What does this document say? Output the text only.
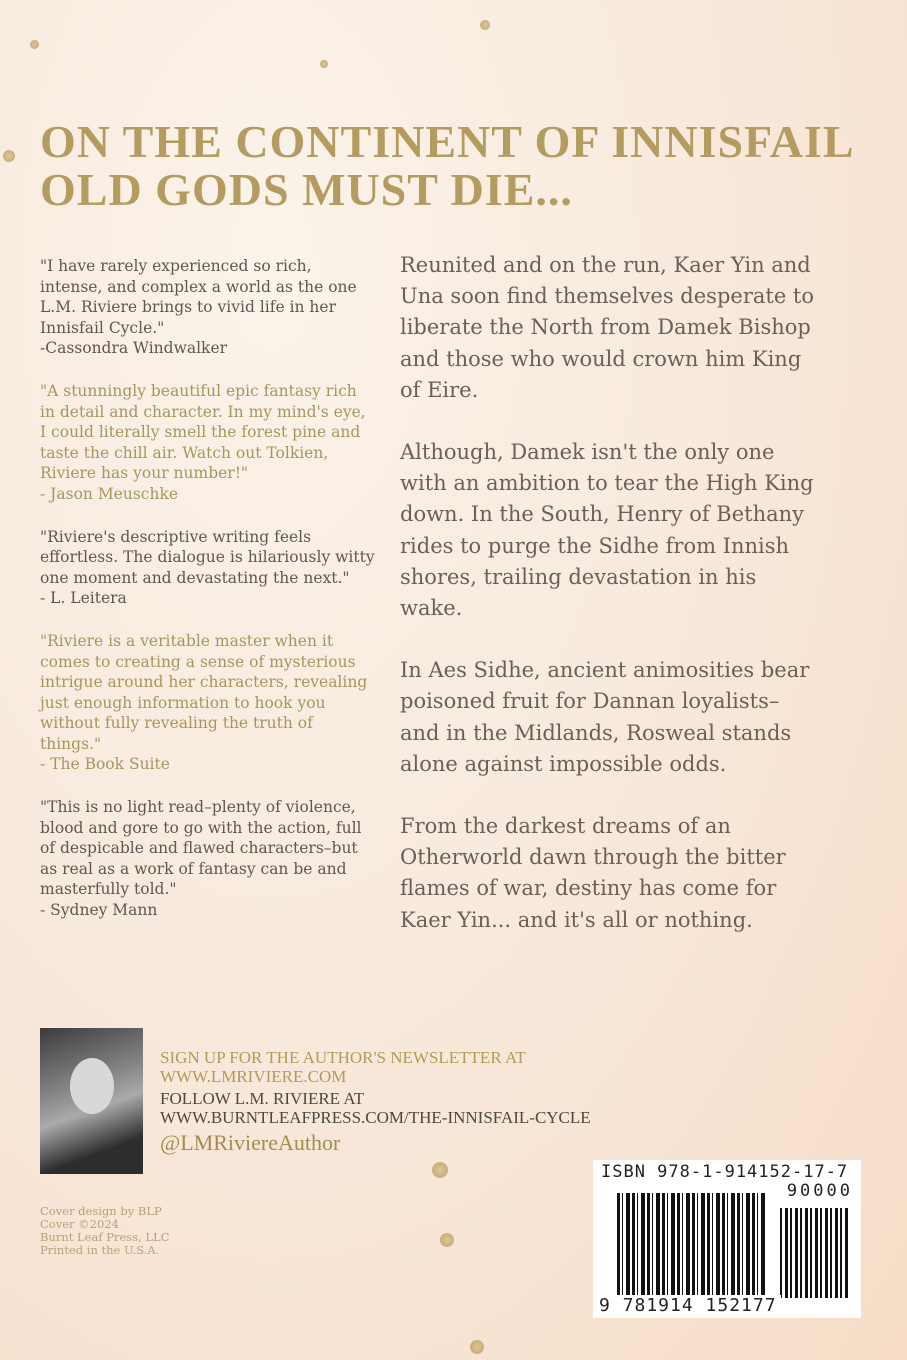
ON THE CONTINENT OF INNISFAIL
OLD GODS MUST DIE...
"I have rarely experienced so rich, intense, and complex a world as the one L.M. Riviere brings to vivid life in her Innisfail Cycle."
-Cassondra Windwalker
"A stunningly beautiful epic fantasy rich in detail and character. In my mind's eye, I could literally smell the forest pine and taste the chill air. Watch out Tolkien, Riviere has your number!"
- Jason Meuschke
"Riviere's descriptive writing feels effortless. The dialogue is hilariously witty one moment and devastating the next."
- L. Leitera
"Riviere is a veritable master when it comes to creating a sense of mysterious intrigue around her characters, revealing just enough information to hook you without fully revealing the truth of things."
- The Book Suite
"This is no light read–plenty of violence, blood and gore to go with the action, full of despicable and flawed characters–but as real as a work of fantasy can be and masterfully told."
- Sydney Mann

Reunited and on the run, Kaer Yin and Una soon find themselves desperate to liberate the North from Damek Bishop and those who would crown him King of Eire.

Although, Damek isn't the only one with an ambition to tear the High King down. In the South, Henry of Bethany rides to purge the Sidhe from Innish shores, trailing devastation in his wake.

In Aes Sidhe, ancient animosities bear poisoned fruit for Dannan loyalists– and in the Midlands, Rosweal stands alone against impossible odds.

From the darkest dreams of an Otherworld dawn through the bitter flames of war, destiny has come for Kaer Yin... and it's all or nothing.

SIGN UP FOR THE AUTHOR'S NEWSLETTER AT
WWW.LMRIVIERE.COM
FOLLOW L.M. RIVIERE AT
WWW.BURNTLEAFPRESS.COM/THE-INNISFAIL-CYCLE
@LMRiviereAuthor
Cover design by BLP
Cover ©2024
Burnt Leaf Press, LLC
Printed in the U.S.A.
ISBN 978-1-914152-17-7
90000
9 781914 152177
